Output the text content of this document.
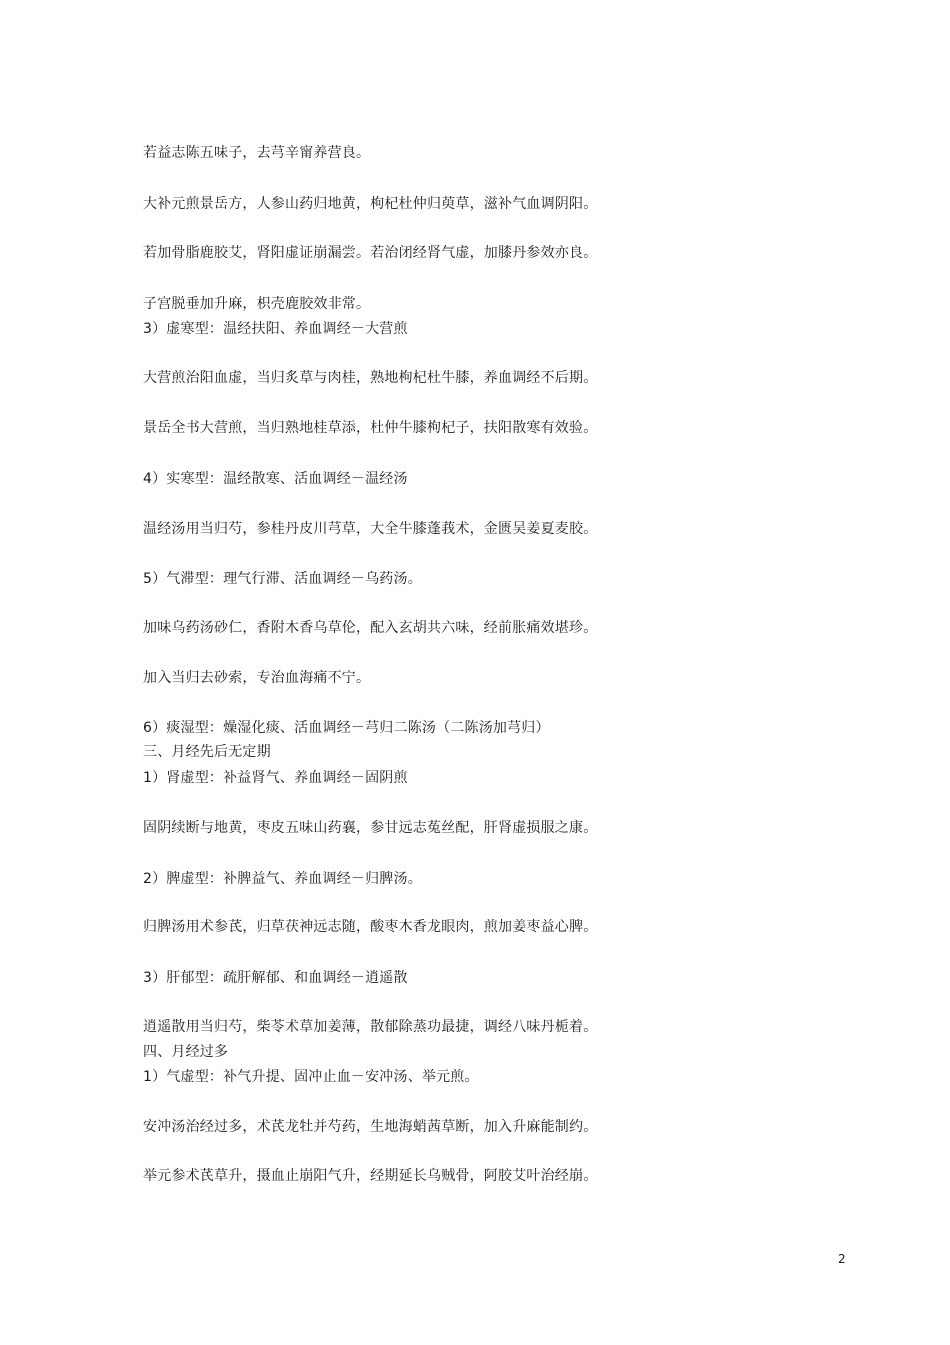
若益志陈五味子，去芎辛甯养营良。
大补元煎景岳方，人参山药归地黄，枸杞杜仲归萸草，滋补气血调阴阳。
若加骨脂鹿胶艾，肾阳虚证崩漏尝。若治闭经肾气虚，加膝丹参效亦良。
子宫脱垂加升麻，枳壳鹿胶效非常。
3）虚寒型：温经扶阳、养血调经－大营煎
大营煎治阳血虚，当归炙草与肉桂，熟地枸杞杜牛膝，养血调经不后期。
景岳全书大营煎，当归熟地桂草添，杜仲牛膝枸杞子，扶阳散寒有效验。
4）实寒型：温经散寒、活血调经－温经汤
温经汤用当归芍，参桂丹皮川芎草，大全牛膝蓬莪术，金匮吴姜夏麦胶。
5）气滞型：理气行滞、活血调经－乌药汤。
加味乌药汤砂仁，香附木香乌草伦，配入玄胡共六味，经前胀痛效堪珍。
加入当归去砂索，专治血海痛不宁。
6）痰湿型：燥湿化痰、活血调经－芎归二陈汤（二陈汤加芎归）
三、月经先后无定期
1）肾虚型：补益肾气、养血调经－固阴煎
固阴续断与地黄，枣皮五味山药襄，参甘远志菟丝配，肝肾虚损服之康。
2）脾虚型：补脾益气、养血调经－归脾汤。
归脾汤用术参芪，归草茯神远志随，酸枣木香龙眼肉，煎加姜枣益心脾。
3）肝郁型：疏肝解郁、和血调经－逍遥散
逍遥散用当归芍，柴苓术草加姜薄，散郁除蒸功最捷，调经八味丹栀着。
四、月经过多
1）气虚型：补气升提、固冲止血－安冲汤、举元煎。
安冲汤治经过多，术芪龙牡并芍药，生地海蛸茜草断，加入升麻能制约。
举元参术芪草升，摄血止崩阳气升，经期延长乌贼骨，阿胶艾叶治经崩。
2
